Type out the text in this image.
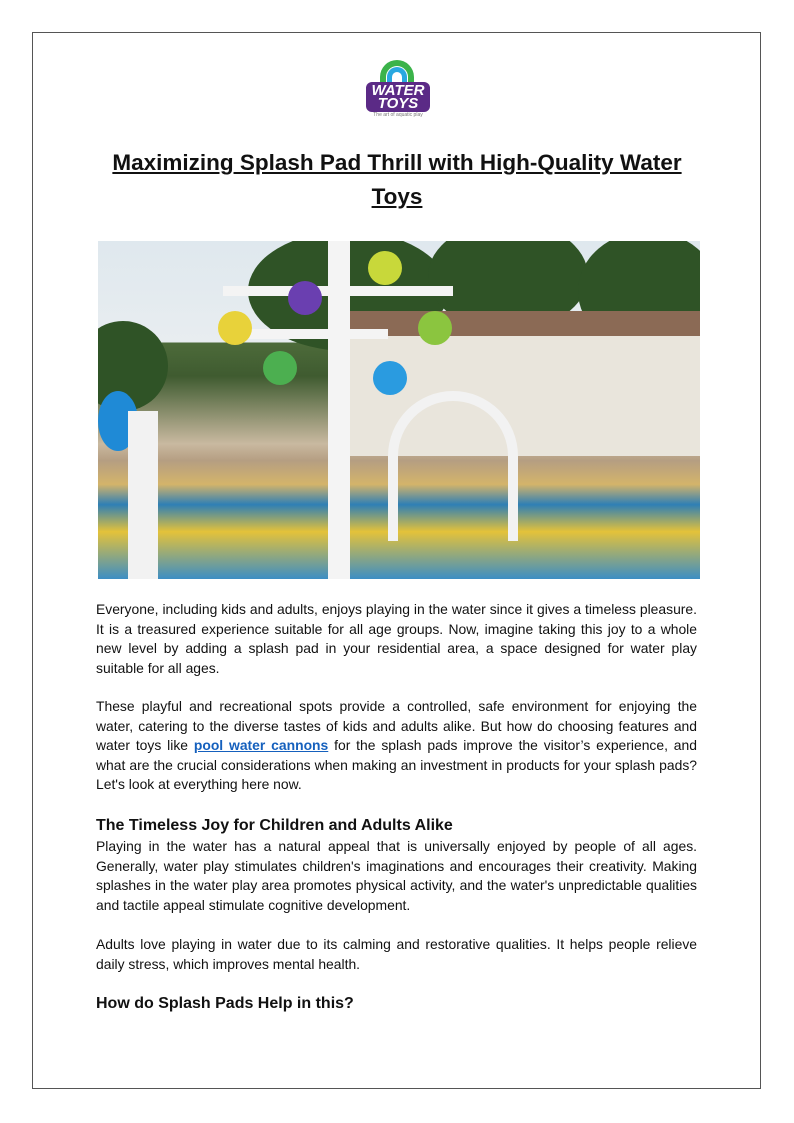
WATER
TOYS
The art of aquatic play
Maximizing Splash Pad Thrill with High-Quality Water Toys
Everyone, including kids and adults, enjoys playing in the water since it gives a timeless pleasure. It is a treasured experience suitable for all age groups. Now, imagine taking this joy to a whole new level by adding a splash pad in your residential area, a space designed for water play suitable for all ages.
These playful and recreational spots provide a controlled, safe environment for enjoying the water, catering to the diverse tastes of kids and adults alike. But how do choosing features and water toys like pool water cannons for the splash pads improve the visitor’s experience, and what are the crucial considerations when making an investment in products for your splash pads? Let's look at everything here now.
The Timeless Joy for Children and Adults Alike
Playing in the water has a natural appeal that is universally enjoyed by people of all ages. Generally, water play stimulates children's imaginations and encourages their creativity. Making splashes in the water play area promotes physical activity, and the water's unpredictable qualities and tactile appeal stimulate cognitive development.
Adults love playing in water due to its calming and restorative qualities. It helps people relieve daily stress, which improves mental health.
How do Splash Pads Help in this?
